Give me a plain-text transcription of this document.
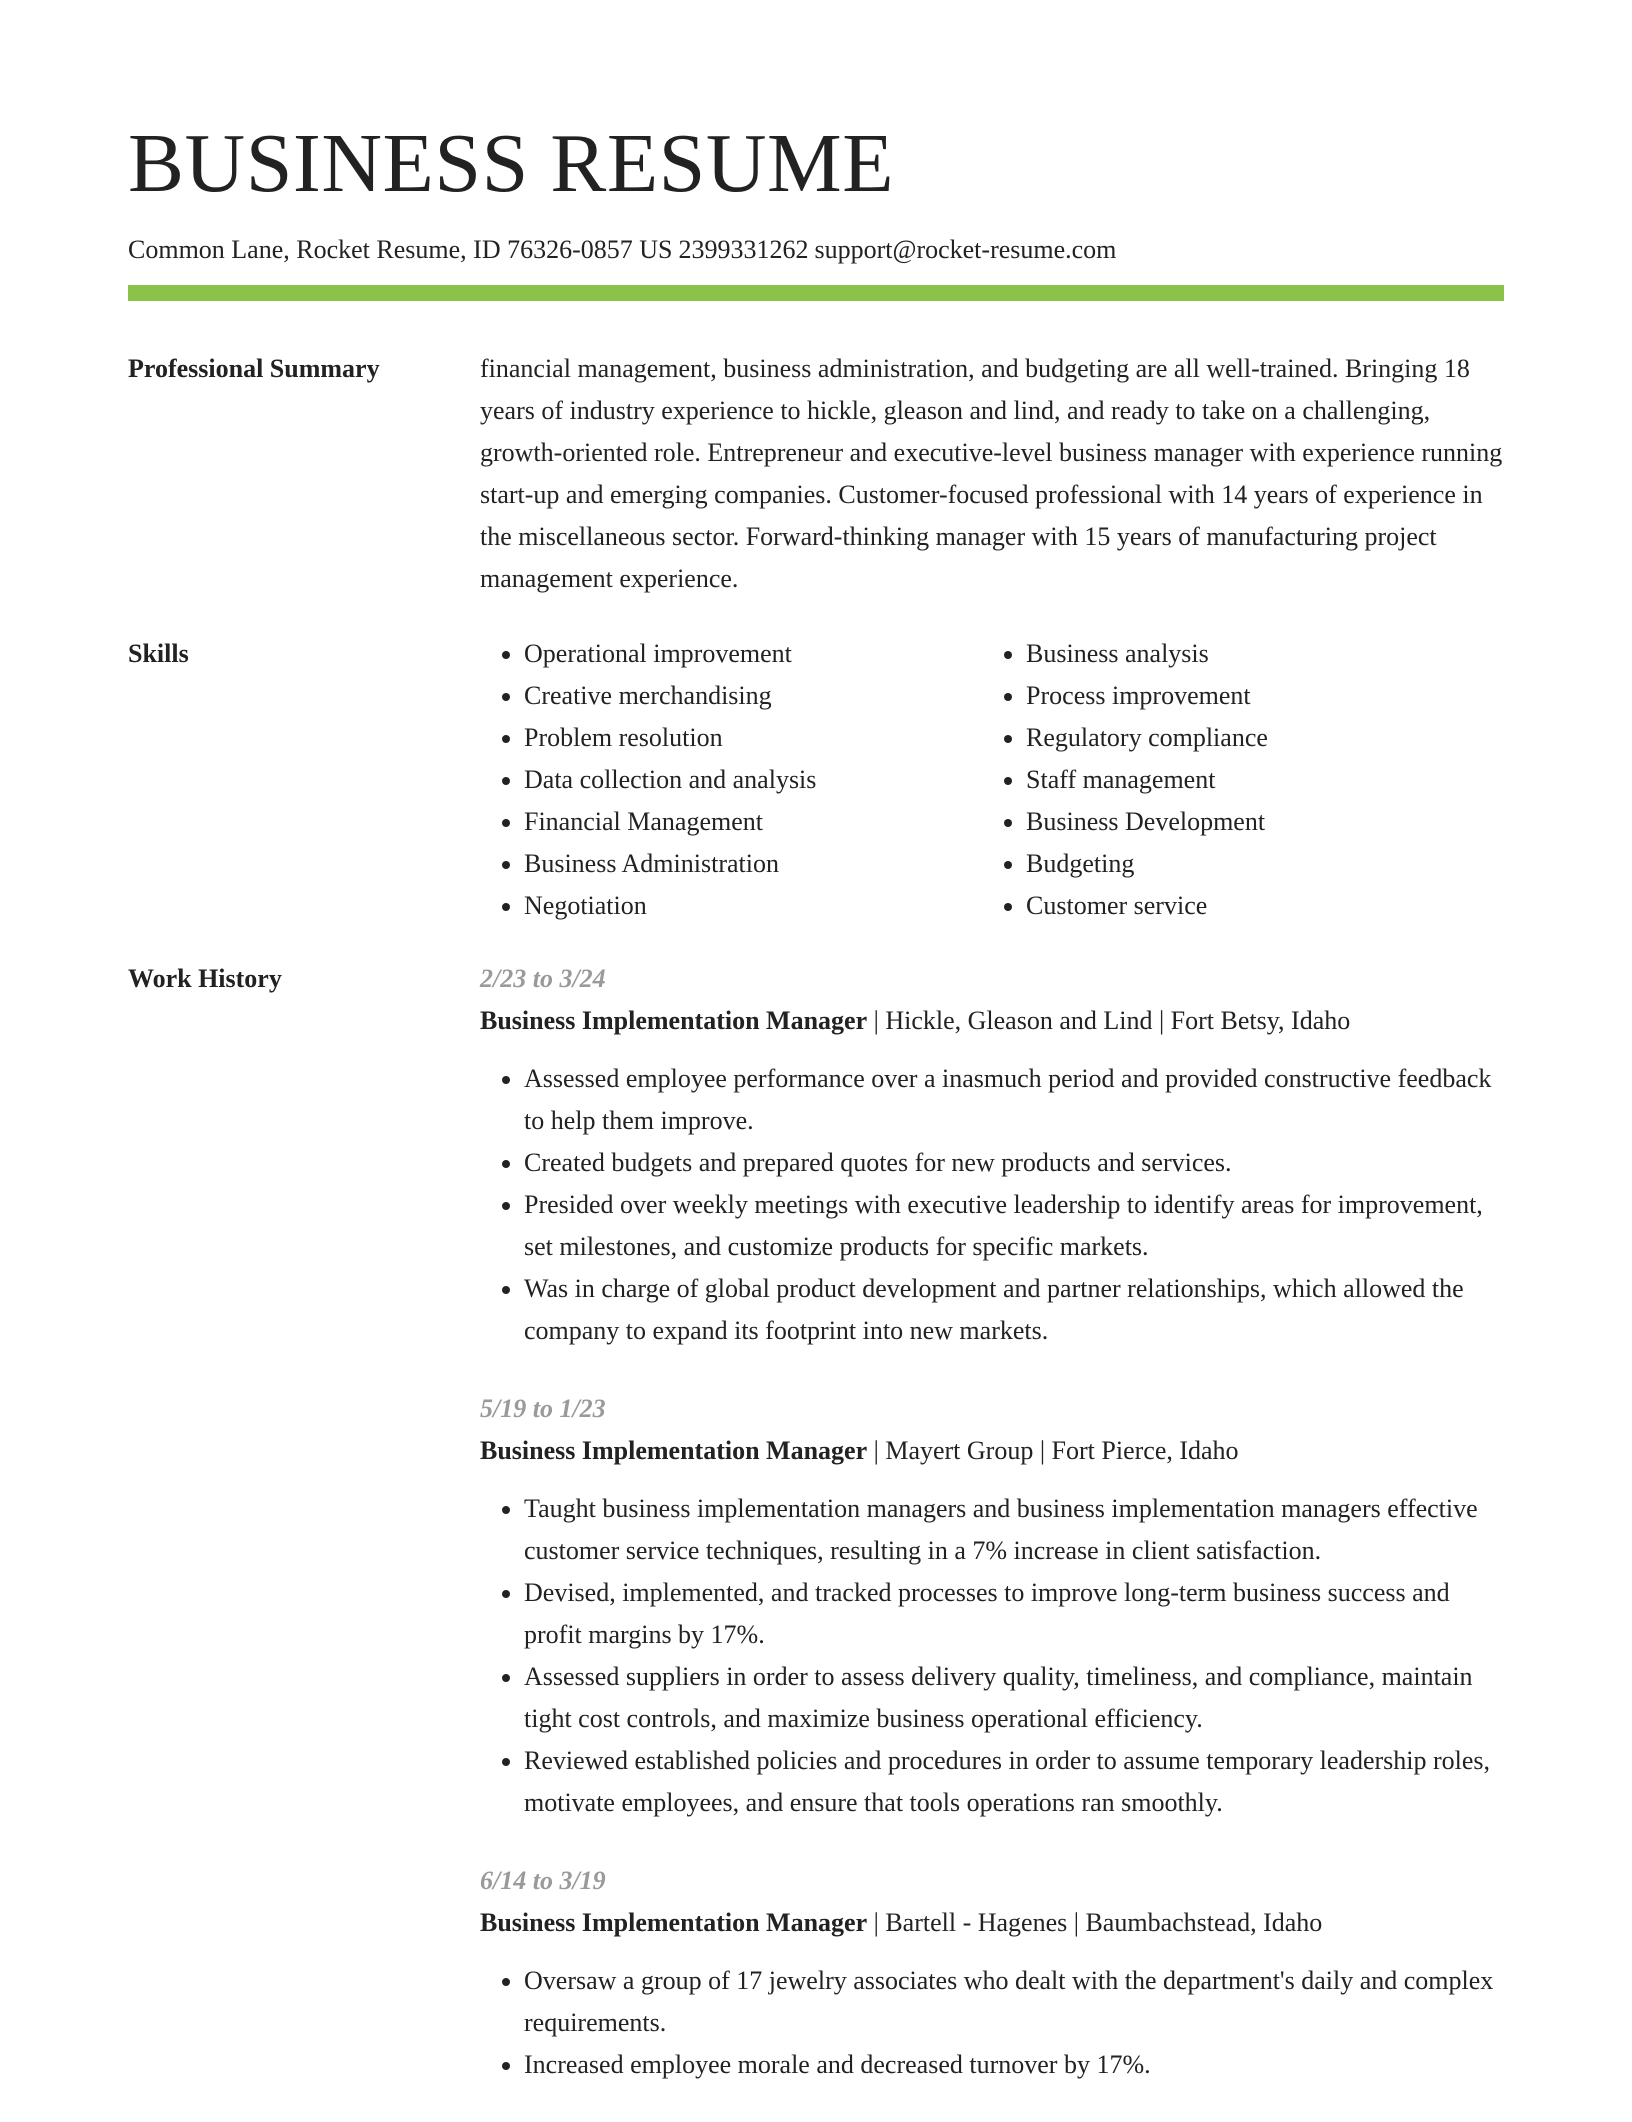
BUSINESS RESUME
Common Lane, Rocket Resume, ID 76326-0857 US 2399331262 support@rocket-resume.com
Professional Summary	financial management, business administration, and budgeting are all well-trained. Bringing 18 years of industry experience to hickle, gleason and lind, and ready to take on a challenging, growth-oriented role. Entrepreneur and executive-level business manager with experience running start-up and emerging companies. Customer-focused professional with 14 years of experience in the miscellaneous sector. Forward-thinking manager with 15 years of manufacturing project management experience.

Skills
•	Operational improvement
• Creative merchandising
• Problem resolution
• Data collection and analysis
• Financial Management
• Business Administration
• Negotiation
• Business analysis
• Process improvement
• Regulatory compliance
• Staff management
• Business Development
• Budgeting
• Customer service
Work History	2/23 to 3/24
Business Implementation Manager | Hickle, Gleason and Lind | Fort Betsy, Idaho
• Assessed employee performance over a inasmuch period and provided constructive feedback to help them improve.
• Created budgets and prepared quotes for new products and services.
• Presided over weekly meetings with executive leadership to identify areas for improvement, set milestones, and customize products for specific markets.
• Was in charge of global product development and partner relationships, which allowed the company to expand its footprint into new markets.
5/19 to 1/23
Business Implementation Manager | Mayert Group | Fort Pierce, Idaho
• Taught business implementation managers and business implementation managers effective customer service techniques, resulting in a 7% increase in client satisfaction.
• Devised, implemented, and tracked processes to improve long-term business success and profit margins by 17%.
• Assessed suppliers in order to assess delivery quality, timeliness, and compliance, maintain tight cost controls, and maximize business operational efficiency.
• Reviewed established policies and procedures in order to assume temporary leadership roles, motivate employees, and ensure that tools operations ran smoothly.
6/14 to 3/19
Business Implementation Manager | Bartell - Hagenes | Baumbachstead, Idaho
• Oversaw a group of 17 jewelry associates who dealt with the department's daily and complex requirements.
• Increased employee morale and decreased turnover by 17%.
